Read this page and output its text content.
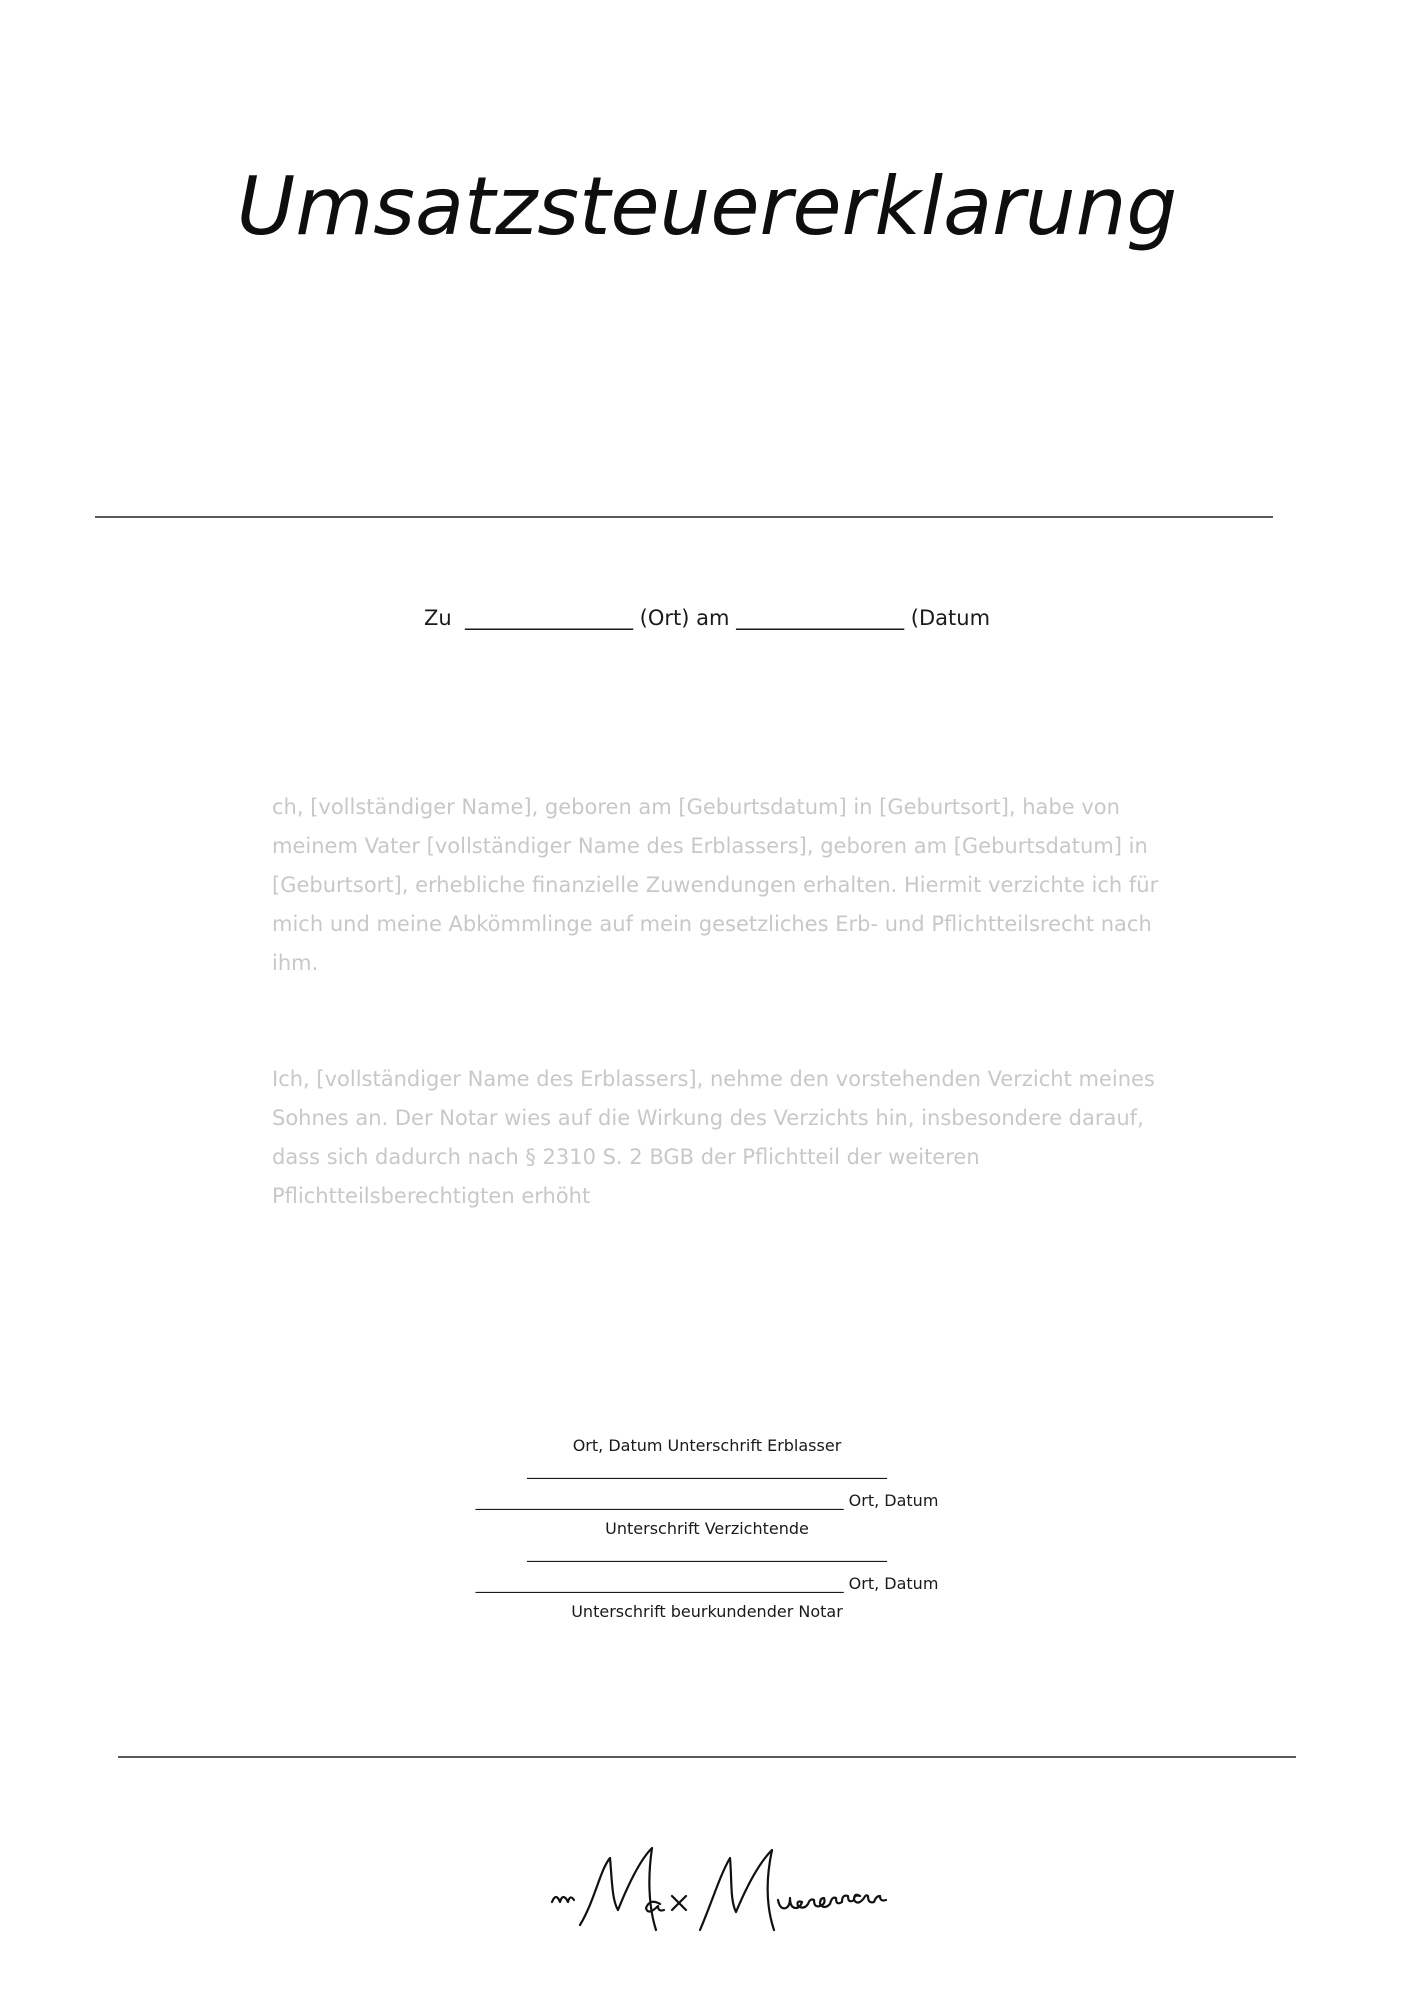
Umsatzsteuererklarung
Zu  ________________ (Ort) am ________________ (Datum
ch, [vollständiger Name], geboren am [Geburtsdatum] in [Geburtsort], habe von meinem Vater [vollständiger Name des Erblassers], geboren am [Geburtsdatum] in [Geburtsort], erhebliche finanzielle Zuwendungen erhalten. Hiermit verzichte ich für mich und meine Abkömmlinge auf mein gesetzliches Erb- und Pflichtteilsrecht nach ihm.
Ich, [vollständiger Name des Erblassers], nehme den vorstehenden Verzicht meines Sohnes an. Der Notar wies auf die Wirkung des Verzichts hin, insbesondere darauf, dass sich dadurch nach § 2310 S. 2 BGB der Pflichtteil der weiteren Pflichtteilsberechtigten erhöht
Ort, Datum Unterschrift Erblasser
_____________________________________________
______________________________________________ Ort, Datum
Unterschrift Verzichtende
_____________________________________________
______________________________________________ Ort, Datum
Unterschrift beurkundender Notar
